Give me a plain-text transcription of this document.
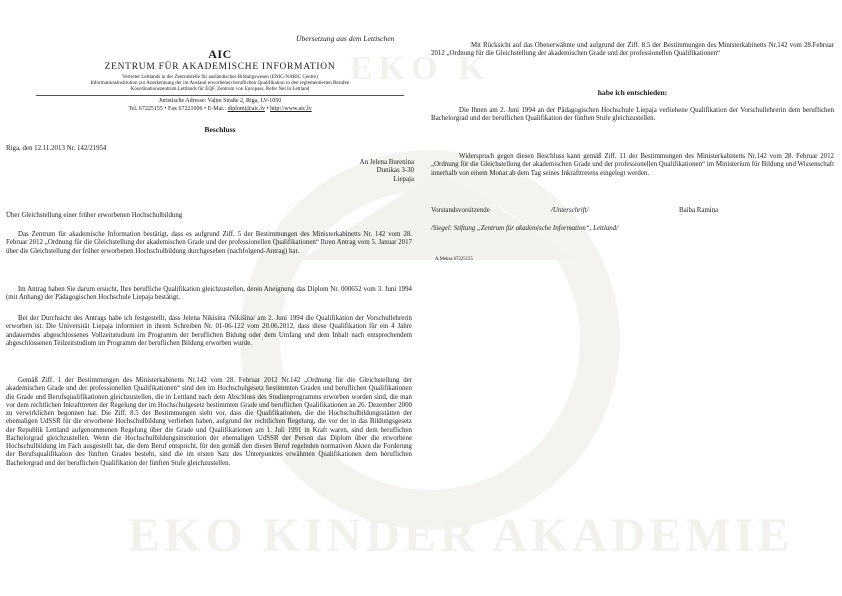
EKO K
EKO KINDER AKADEMIE
Übersetzung aus dem Lettischen
AIC
ZENTRUM FÜR AKADEMISCHE INFORMATION
Vertreter Lettlands in der Zentralstelle für ausländisches Bildungswesen (ENIC-NARIC Centre)
Informationsinstitution zur Anerkennung der im Ausland erworbenen beruflichen Qualifikation in den reglementierten Berufen
Koordinationszentrum Lettlands für EQF, Zentrum von Europass, Refer Net in Lettland
Juristische Adresse: Vaļņu Straße 2, Riga, LV-1050
Tel. 67225155 • Fax 67221006 • E-Mai.: diplomi@aic.lv • http://www.aic.lv
Beschluss
Riga, den 12.11.2013 Nr. 142/21954
An Jelena Burenina
Dunikas 3-30
Liepaja
Über Gleichstellung einer früher erworbenen Hochschulbildung
Das Zentrum für akademische Information bestätigt, dass es aufgrund Ziff. 5 der Bestimmungen des Ministerkabinetts Nr. 142 vom 28. Februar 2012 „Ordnung für die Gleichstellung der akademischen Grade und der professionellen Qualifikationen“ Ihren Antrag vom 5. Januar 2017 über die Gleichstellung der früher erworbenen Hochschulbildung durchgesehen (nachfolgend-Antrag) hat.
Im Antrag haben Sie darum ersucht, Ihre berufliche Qualifikation gleichzustellen, deren Aneignung das Diplom Nr. 000652 vom 3. Juni 1994 (mit Anhang) der Pädagogischen Hochschule Liepaja bestätigt.
Bei der Durchsicht des Antrags habe ich festgestellt, dass Jelena Nikisina /Nikišina/ am 2. Juni 1994 die Qualifikation der Vorschullehrerin erworben ist. Die Universität Liepaja informiert in ihrem Schreiben Nr. 01-06-122 vom 20.06.2012, dass diese Qualifikation für ein 4 Jahre andauerndes abgeschlossenes Vollzeitstudium im Programm der beruflichen Bidung oder dem Umfang und dem Inhalt nach entsprechendem abgeschlossenen Teilzeitstudium im Programm der beruflichen Bildung erworben wurde.
Gemäß Ziff. 1 der Bestimmungen des Ministerkabinetts Nr.142 vom 28. Februar 2012 Nr.142 „Ordnung für die Gleichstellung der akademischen Grade und der professionellen Qualifikationen“ sind den im Hochschulgesetz bestimmten Graden und beruflichen Qualifikationen die Grade und Berufsqualifikationen gleichzustellen, die in Lettland nach dem Abschluss des Studienprogramms erworben worden sind, die man vor dem rechtlichen Inkrafttreten der Regelung der im Hochschulgesetz bestimmten Grade und beruflichen Qualifikationen an 26. Dezember 2000 zu verwirklichen begonnen hat. Die Ziff. 8.5 der Bestimmungen sieht vor, dass die Qualifikationen, die die Hochschulbildungsstätten der ehemaligen UdSSR für die erworbene Hochschulbildung verliehen haben, aufgrund der rechtlichen Regelung, die vor der in das Bildungsgesetz der Republik Lettland aufgenommenen Regelung über die Grade und Qualifikationen am 1. Juli 1991 in Kraft waren, sind dem beruflichen Bachelorgrad gleichzustellen. Wenn die Hochschulbildungsinstitution der ehemaligen UdSSR der Person das Diplom über die erworbene Hochschulbildung im Fach ausgestellt hat, die dem Beruf entspricht, für den gemäß den diesen Beruf regelnden normativen Akten die Forderung der Berufsqualifikation des fünften Grades besteht, sind die im ersten Satz des Unterpunktes erwähnten Qualifikationen dem beruflichen Bachelorgrad und der beruflichen Qualifikation der fünften Stufe gleichzustellen.
Mit Rücksicht auf das Obenerwähnte und aufgrund der Ziff. 8.5 der Bestimmungen des Ministerkabinetts Nr.142 vom 28.Februar 2012 „Ordnung für die Gleichstellung der akademischen Grade und der professionellen Qualifikationen“
habe ich entschieden:
Die Ihnen am 2. Juni 1994 an der Pädagogischen Hochschule Liepaja verliehene Qualifikation der Vorschullehrerin dem beruflichen Bachelorgrad und der beruflichen Qualifikation der fünften Stufe gleichzustellen.
Widerspruch gegen diesen Beschluss kann gemäß Ziff. 11 der Bestimmungen des Ministerkabinetts Nr.142 vom 28. Februar 2012 „Ordnung für die Gleichstellung der akademischen Grade und der professionellen Qualifikationen“ im Ministerium für Bildung und Wissenschaft innerhalb von einem Monat ab dem Tag seines Inkrafttretens eingelegt werden.
Vorstandsvorsitzende	/Unterschrift/	Baiba Ramiņa
/Siegel: Stiftung „Zentrum für akademische Information“, Lettland/
A.Meksa 67225155
